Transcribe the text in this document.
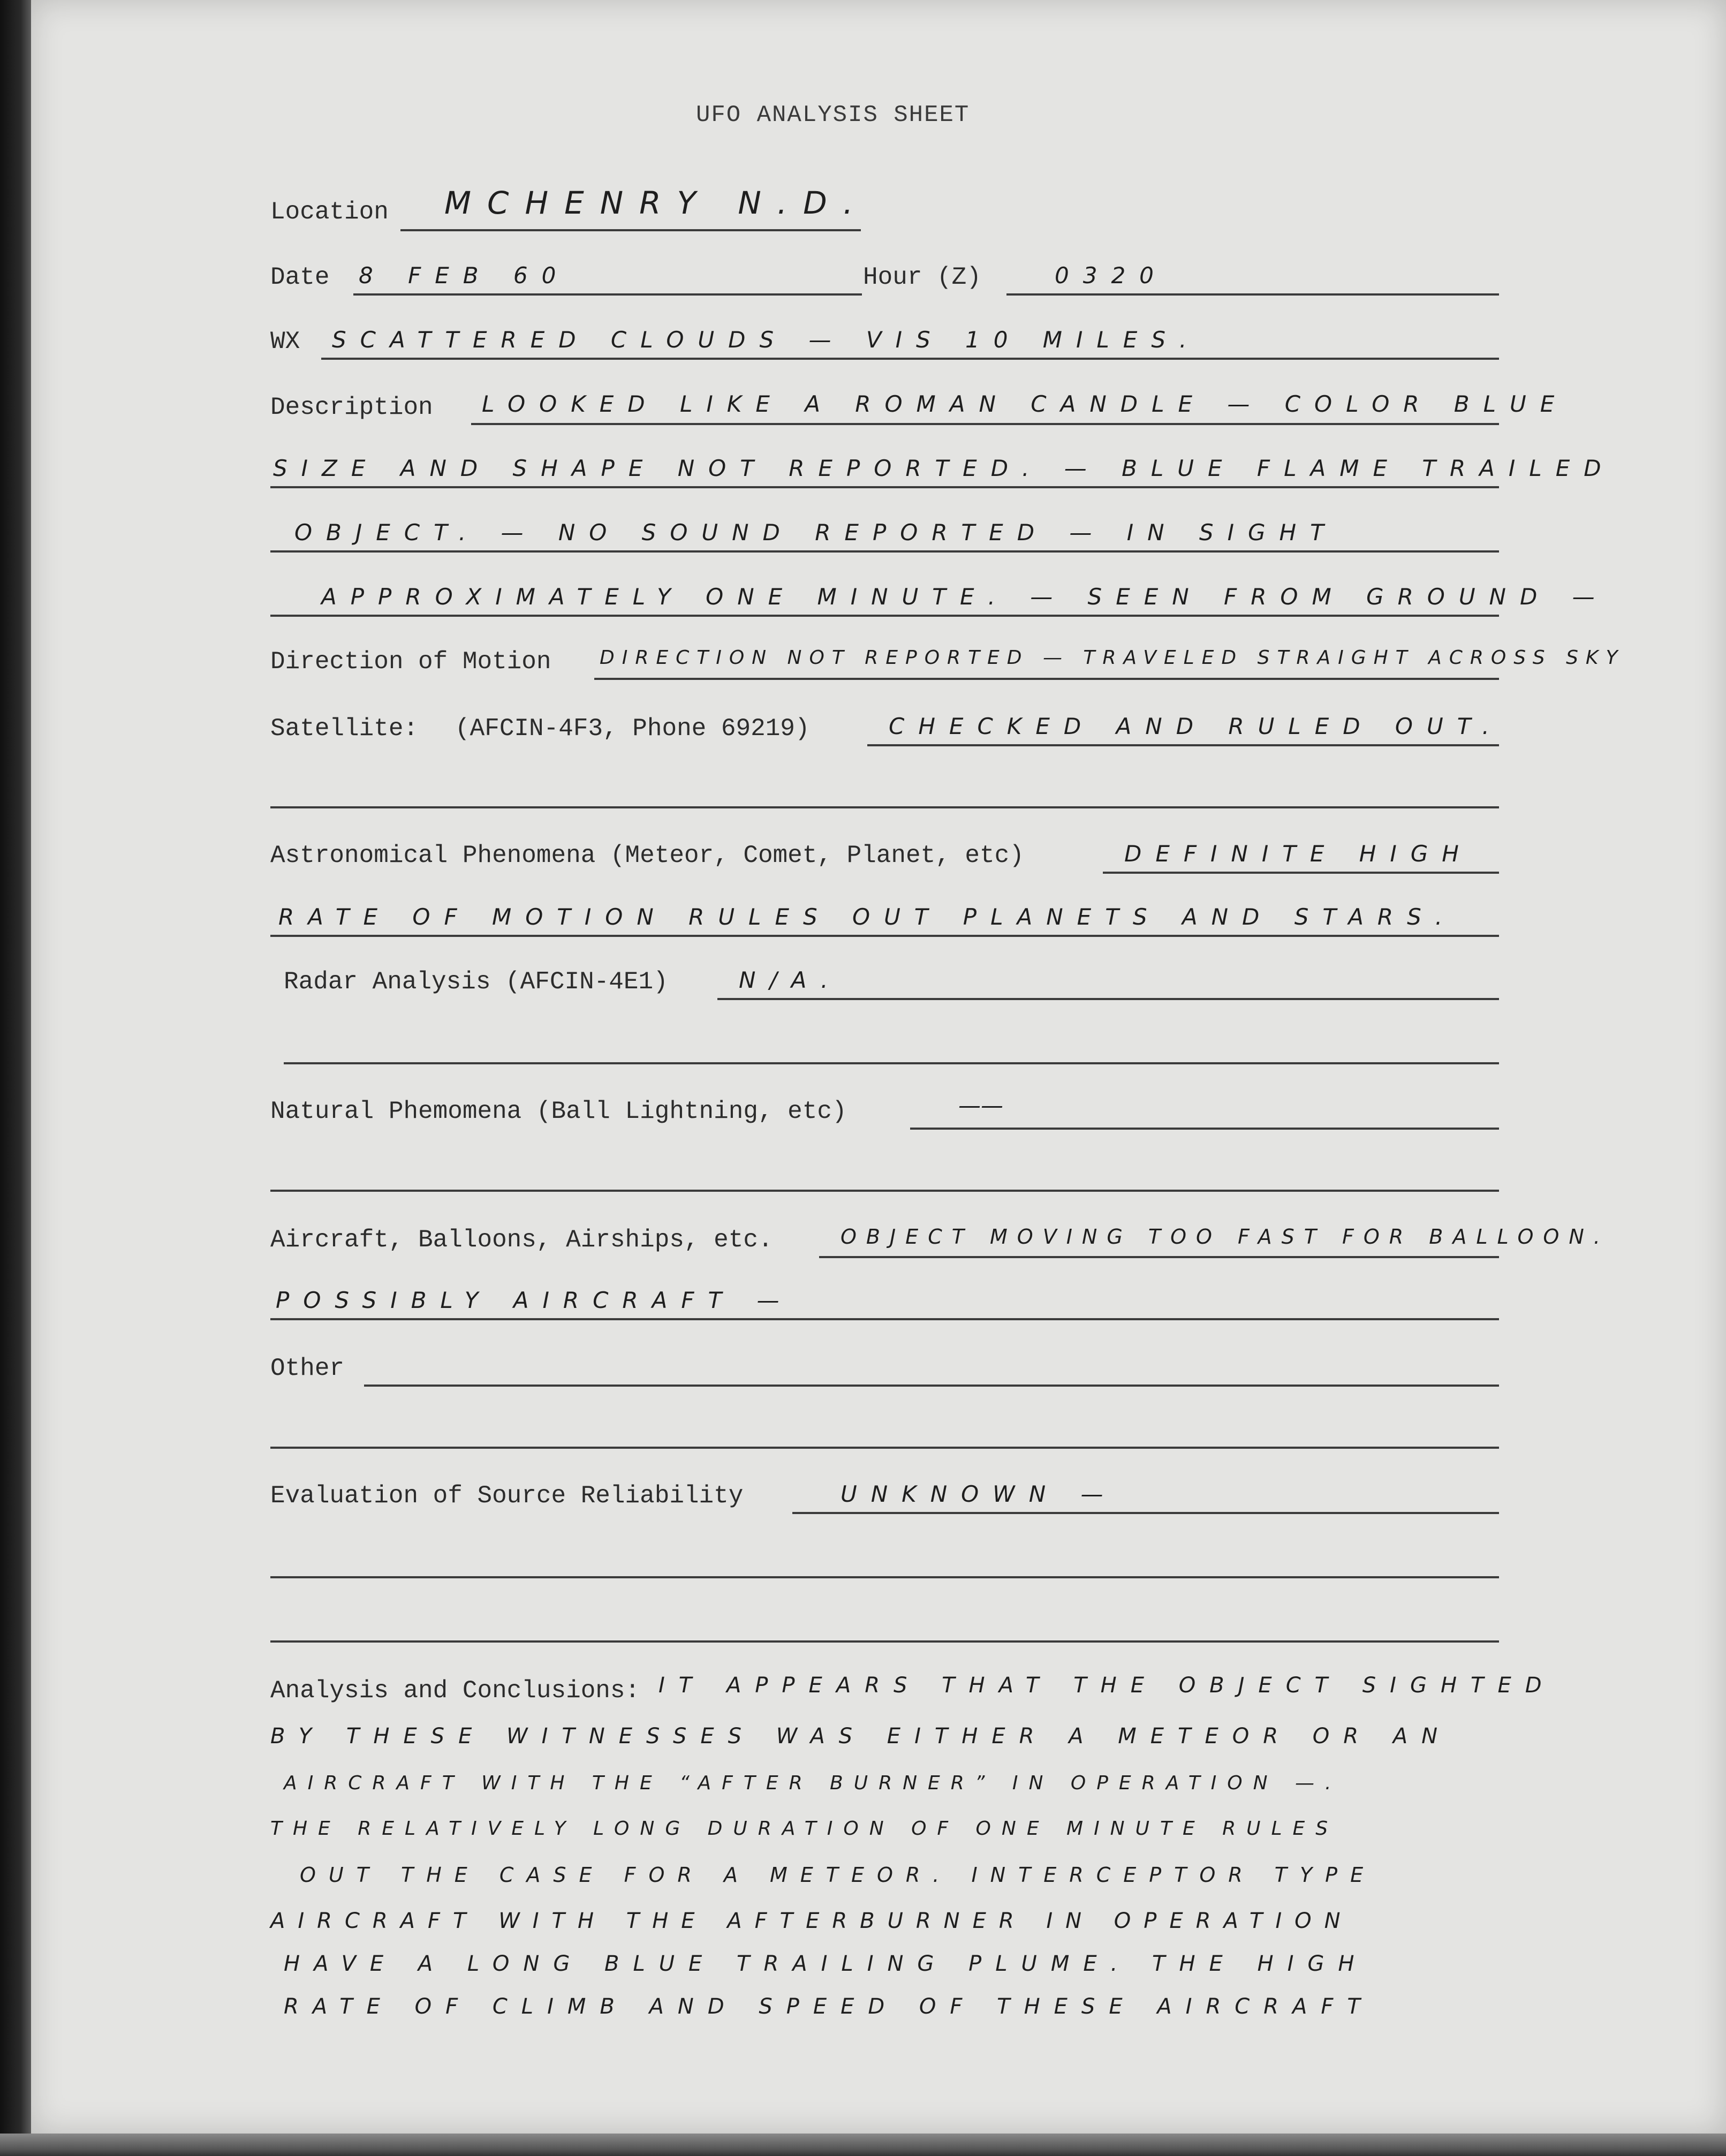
UFO ANALYSIS SHEET
Location MCHENRY N.D.
Date 8 FEB 60	Hour (Z)	0320
WX SCATTERED CLOUDS — VIS 10 MILES.
Description LOOKED LIKE A ROMAN CANDLE — COLOR BLUE
SIZE AND SHAPE NOT REPORTED. — BLUE FLAME TRAILED
OBJECT. — NO SOUND REPORTED — IN SIGHT
APPROXIMATELY ONE MINUTE. — SEEN FROM GROUND —
Direction of Motion	DIRECTION NOT REPORTED — TRAVELED STRAIGHT ACROSS SKY
Satellite: (AFCIN-4F3, Phone 69219)	CHECKED AND RULED OUT.
Astronomical Phenomena (Meteor, Comet, Planet, etc)	DEFINITE HIGH
RATE OF MOTION RULES OUT PLANETS AND STARS.
Radar Analysis (AFCIN-4E1)	N/A.
Natural Phemomena (Ball Lightning, etc)	——
Aircraft, Balloons, Airships, etc.	OBJECT MOVING TOO FAST FOR BALLOON.
POSSIBLY AIRCRAFT —
Other
Evaluation of Source Reliability	UNKNOWN —
Analysis and Conclusions: IT APPEARS THAT THE OBJECT SIGHTED
BY THESE WITNESSES WAS EITHER A METEOR OR AN
AIRCRAFT WITH THE “AFTER BURNER” IN OPERATION —.
THE RELATIVELY LONG DURATION OF ONE MINUTE RULES
OUT THE CASE FOR A METEOR. INTERCEPTOR TYPE
AIRCRAFT WITH THE AFTERBURNER IN OPERATION
HAVE A LONG BLUE TRAILING PLUME. THE HIGH
RATE OF CLIMB AND SPEED OF THESE AIRCRAFT
